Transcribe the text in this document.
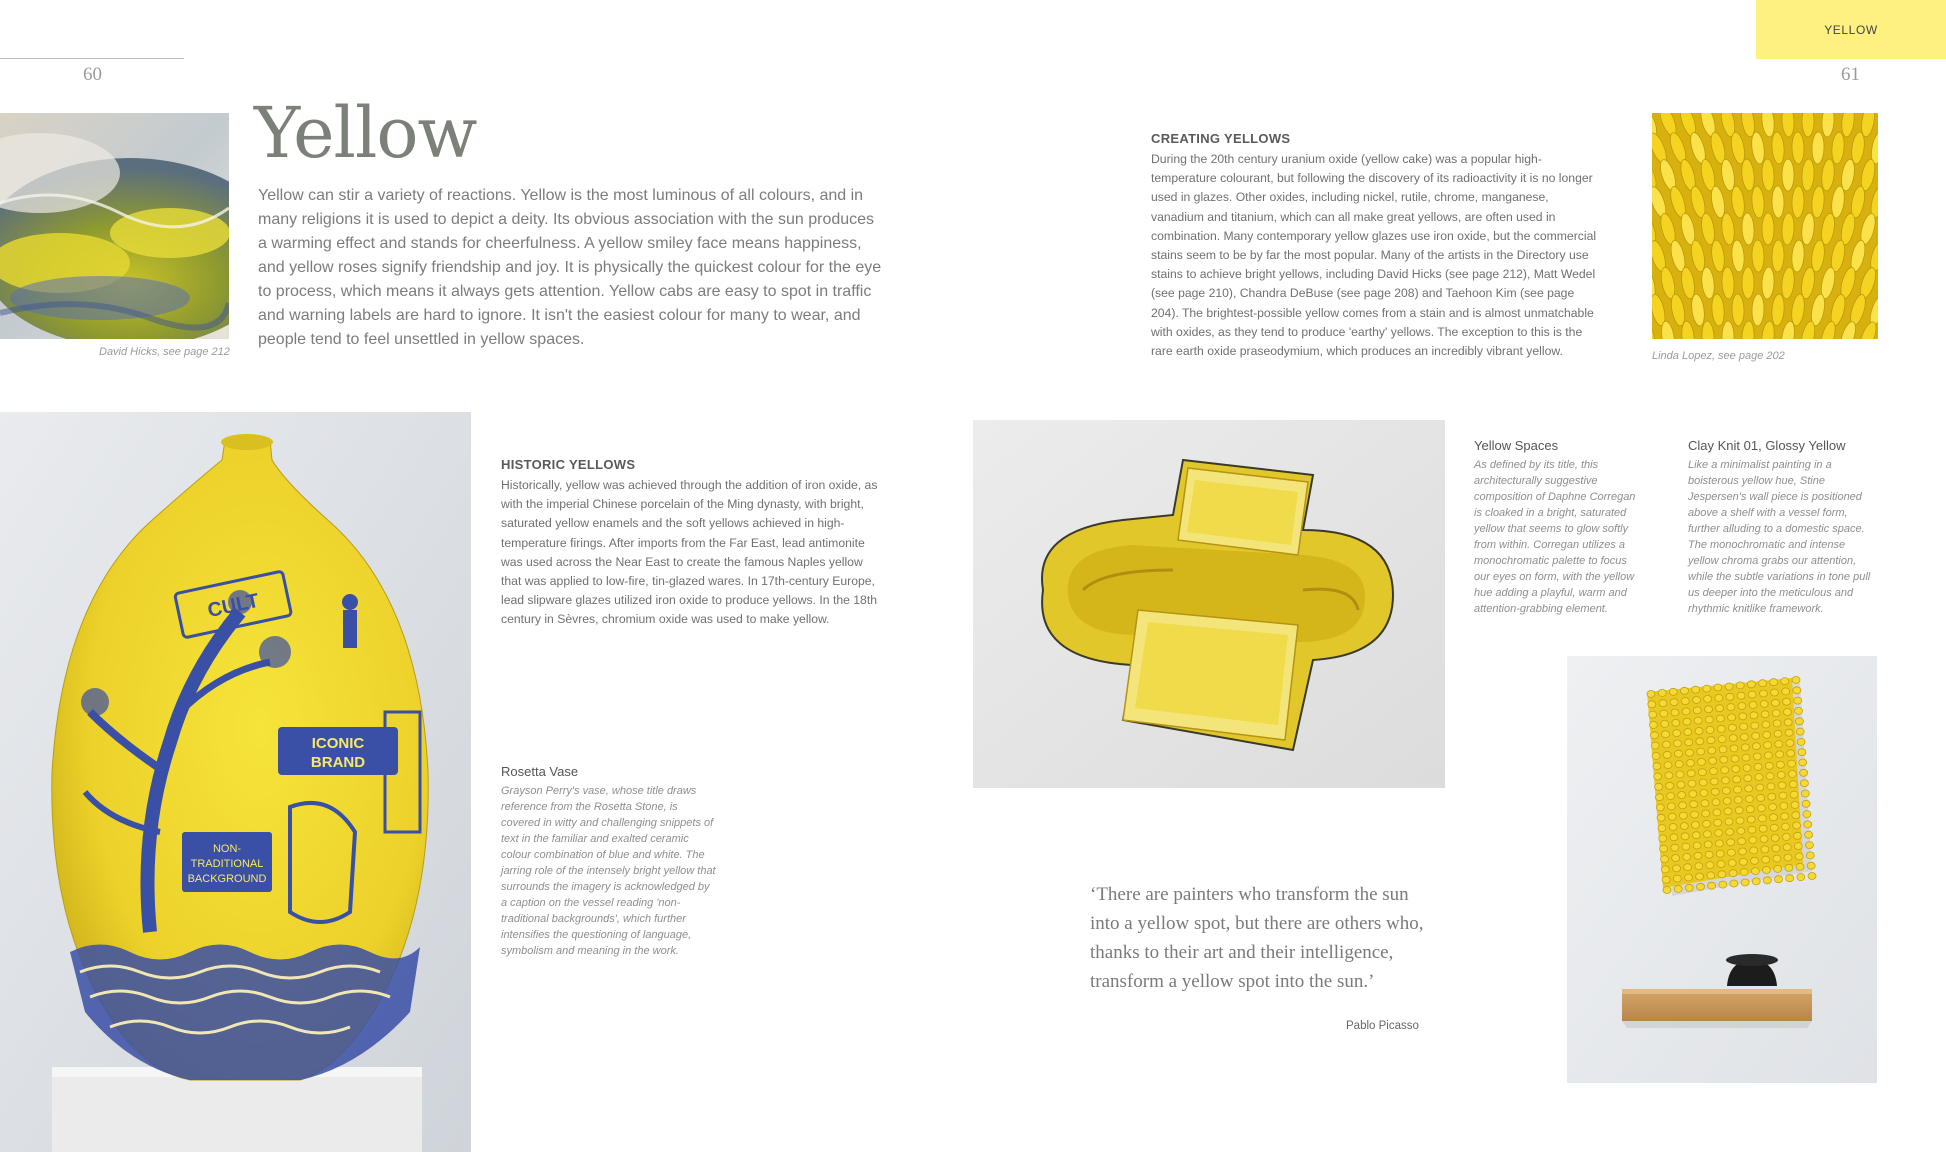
60	61
YELLOW
David Hicks, see page 212
Yellow
Yellow can stir a variety of reactions. Yellow is the most luminous of all colours, and in many religions it is used to depict a deity. Its obvious association with the sun produces a warming effect and stands for cheerfulness. A yellow smiley face means happiness, and yellow roses signify friendship and joy. It is physically the quickest colour for the eye to process, which means it always gets attention. Yellow cabs are easy to spot in traffic and warning labels are hard to ignore. It isn't the easiest colour for many to wear, and people tend to feel unsettled in yellow spaces.
CREATING YELLOWS
During the 20th century uranium oxide (yellow cake) was a popular high-temperature colourant, but following the discovery of its radioactivity it is no longer used in glazes. Other oxides, including nickel, rutile, chrome, manganese, vanadium and titanium, which can all make great yellows, are often used in combination. Many contemporary yellow glazes use iron oxide, but the commercial stains seem to be by far the most popular. Many of the artists in the Directory use stains to achieve bright yellows, including David Hicks (see page 212), Matt Wedel (see page 210), Chandra DeBuse (see page 208) and Taehoon Kim (see page 204). The brightest-possible yellow comes from a stain and is almost unmatchable with oxides, as they tend to produce 'earthy' yellows. The exception to this is the rare earth oxide praseodymium, which produces an incredibly vibrant yellow.	Linda Lopez, see page 202
CULT
ICONIC
BRAND
NON-
TRADITIONAL
BACKGROUND
HISTORIC YELLOWS
Historically, yellow was achieved through the addition of iron oxide, as with the imperial Chinese porcelain of the Ming dynasty, with bright, saturated yellow enamels and the soft yellows achieved in high-temperature firings. After imports from the Far East, lead antimonite was used across the Near East to create the famous Naples yellow that was applied to low-fire, tin-glazed wares. In 17th-century Europe, lead slipware glazes utilized iron oxide to produce yellows. In the 18th century in Sèvres, chromium oxide was used to make yellow.
Rosetta Vase
Grayson Perry's vase, whose title draws reference from the Rosetta Stone, is covered in witty and challenging snippets of text in the familiar and exalted ceramic colour combination of blue and white. The jarring role of the intensely bright yellow that surrounds the imagery is acknowledged by a caption on the vessel reading 'non-traditional backgrounds', which further intensifies the questioning of language, symbolism and meaning in the work.
Yellow Spaces
As defined by its title, this architecturally suggestive composition of Daphne Corregan is cloaked in a bright, saturated yellow that seems to glow softly from within. Corregan utilizes a monochromatic palette to focus our eyes on form, with the yellow hue adding a playful, warm and attention-grabbing element.
Clay Knit 01, Glossy Yellow
Like a minimalist painting in a boisterous yellow hue, Stine Jespersen's wall piece is positioned above a shelf with a vessel form, further alluding to a domestic space. The monochromatic and intense yellow chroma grabs our attention, while the subtle variations in tone pull us deeper into the meticulous and rhythmic knitlike framework.
‘There are painters who transform the sun into a yellow spot, but there are others who, thanks to their art and their intelligence, transform a yellow spot into the sun.’
Pablo Picasso
